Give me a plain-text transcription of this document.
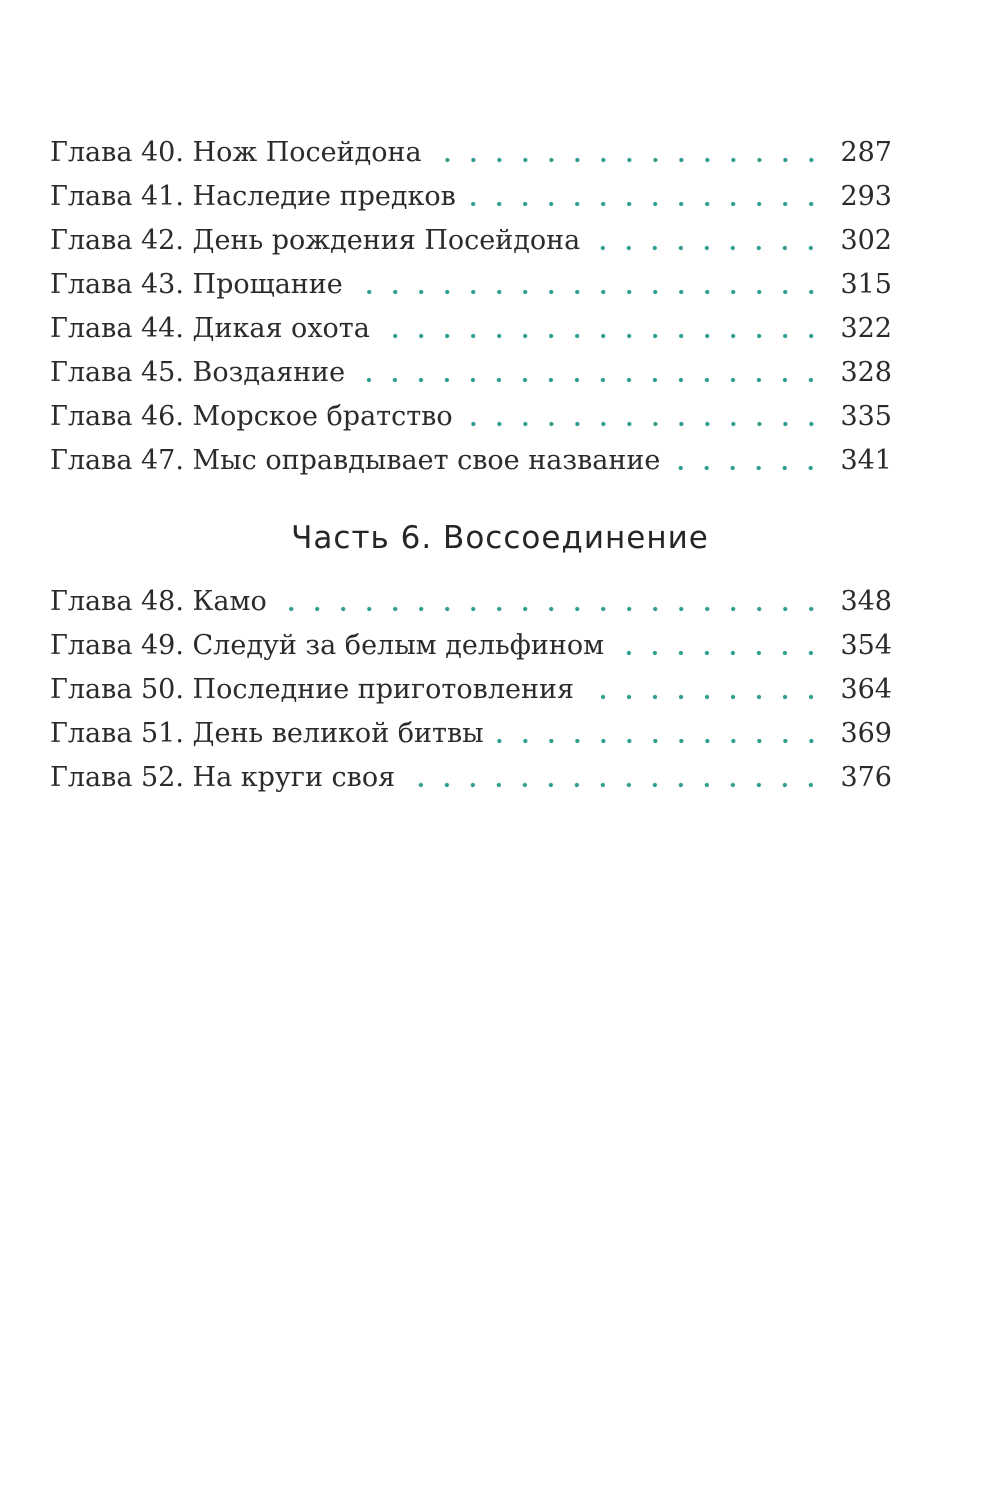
Глава 40. Нож Посейдона	287
Глава 41. Наследие предков	293
Глава 42. День рождения Посейдона	302
Глава 43. Прощание	315
Глава 44. Дикая охота	322
Глава 45. Воздаяние	328
Глава 46. Морское братство	335
Глава 47. Мыс оправдывает свое название	341
Часть 6. Воссоединение
Глава 48. Камо	348
Глава 49. Следуй за белым дельфином	354
Глава 50. Последние приготовления	364
Глава 51. День великой битвы	369
Глава 52. На круги своя	376
